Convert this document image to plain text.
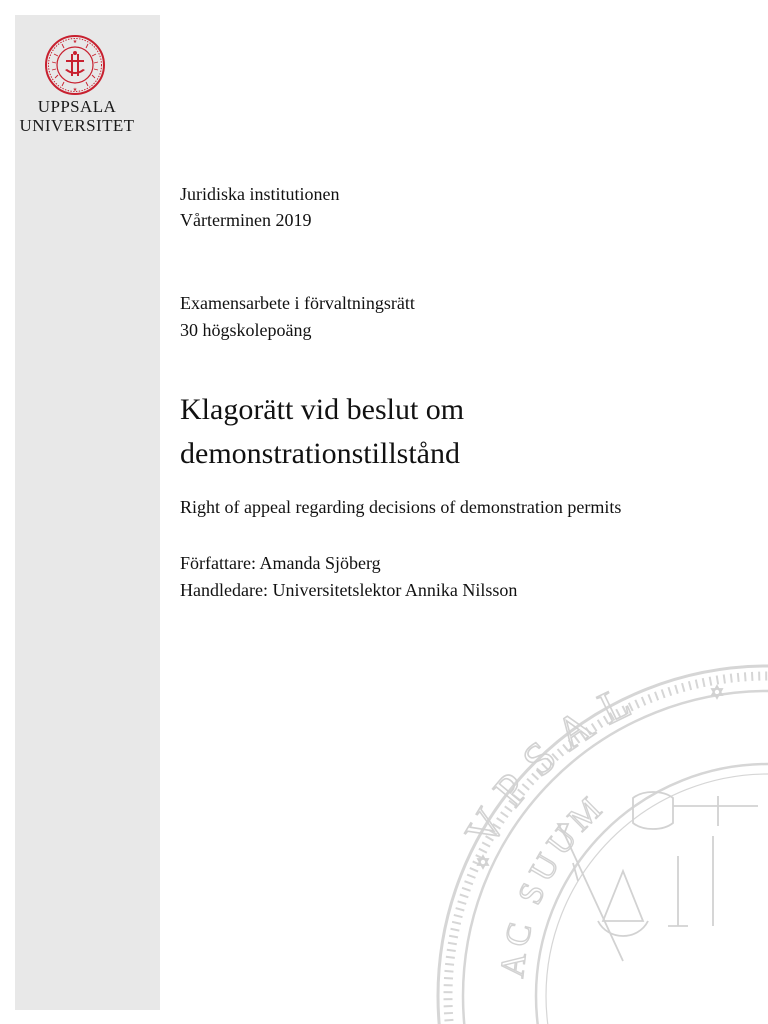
★
★
UPPSALA
UNIVERSITET
Juridiska institutionen
Vårterminen 2019
Examensarbete i förvaltningsrätt
30 högskolepoäng
Klagorätt vid beslut om
demonstrationstillstånd
Right of appeal regarding decisions of demonstration permits
Författare: Amanda Sjöberg
Handledare: Universitetslektor Annika Nilsson
VPSAL
AC SUUM
